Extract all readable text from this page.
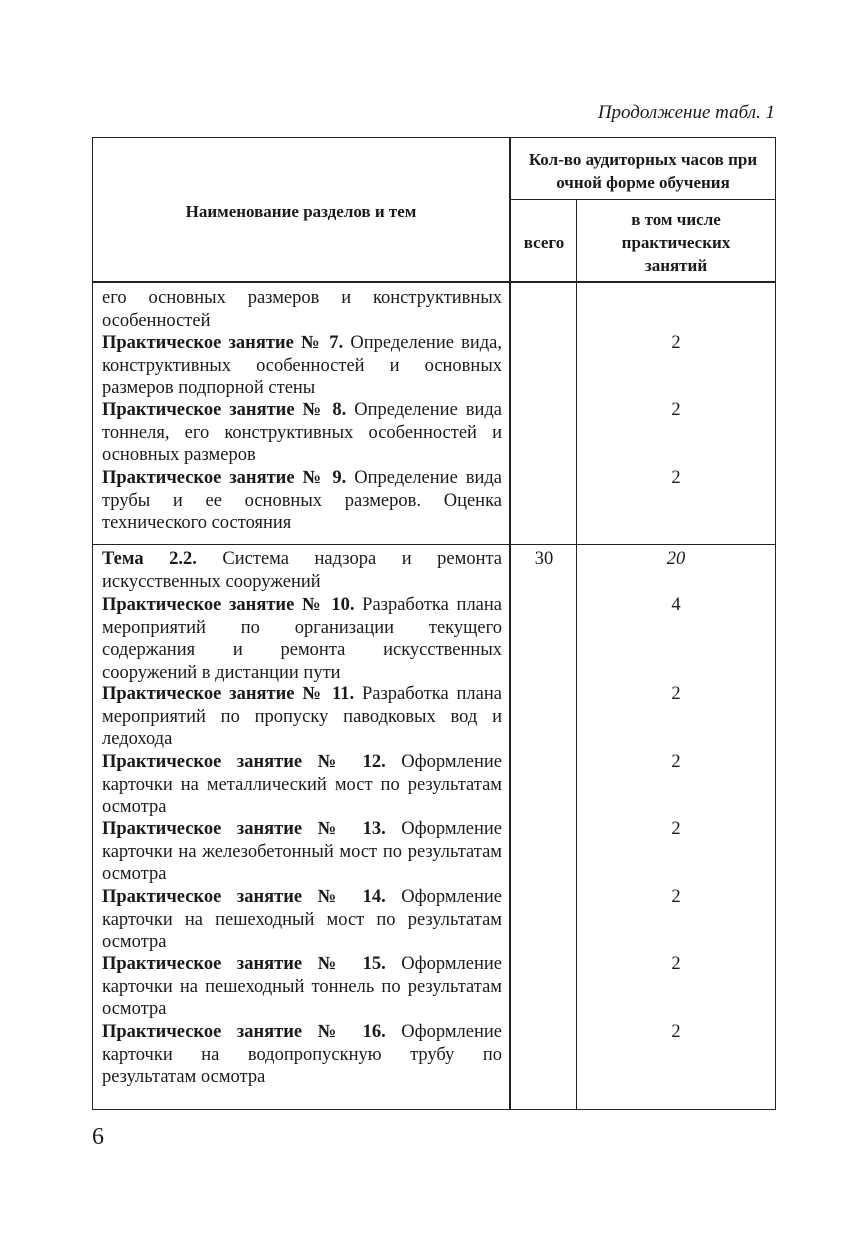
Продолжение табл. 1
Наименование разделов и тем
Кол-во аудиторных часов при очной форме обучения
всего
в том числе практических занятий
его основных размеров и конструктивных особенностей
Практическое занятие № 7. Определение вида, конструктивных особенностей и основных размеров подпорной стены
2
Практическое занятие № 8. Определение вида тоннеля, его конструктивных особенностей и основных размеров
2
Практическое занятие № 9. Определение вида трубы и ее основных размеров. Оценка технического состояния
2
Тема 2.2. Система надзора и ремонта искусственных сооружений
30	20
Практическое занятие № 10. Разработка плана мероприятий по организации текущего содержания и ремонта искусственных сооружений в дистанции пути
4
Практическое занятие № 11. Разработка плана мероприятий по пропуску паводковых вод и ледохода
2
Практическое занятие № 12. Оформление карточки на металлический мост по результатам осмотра
2
Практическое занятие № 13. Оформление карточки на железобетонный мост по результатам осмотра
2
Практическое занятие № 14. Оформление карточки на пешеходный мост по результатам осмотра
2
Практическое занятие № 15. Оформление карточки на пешеходный тоннель по результатам осмотра
2
Практическое занятие № 16. Оформление карточки на водопропускную трубу по результатам осмотра
2
6
